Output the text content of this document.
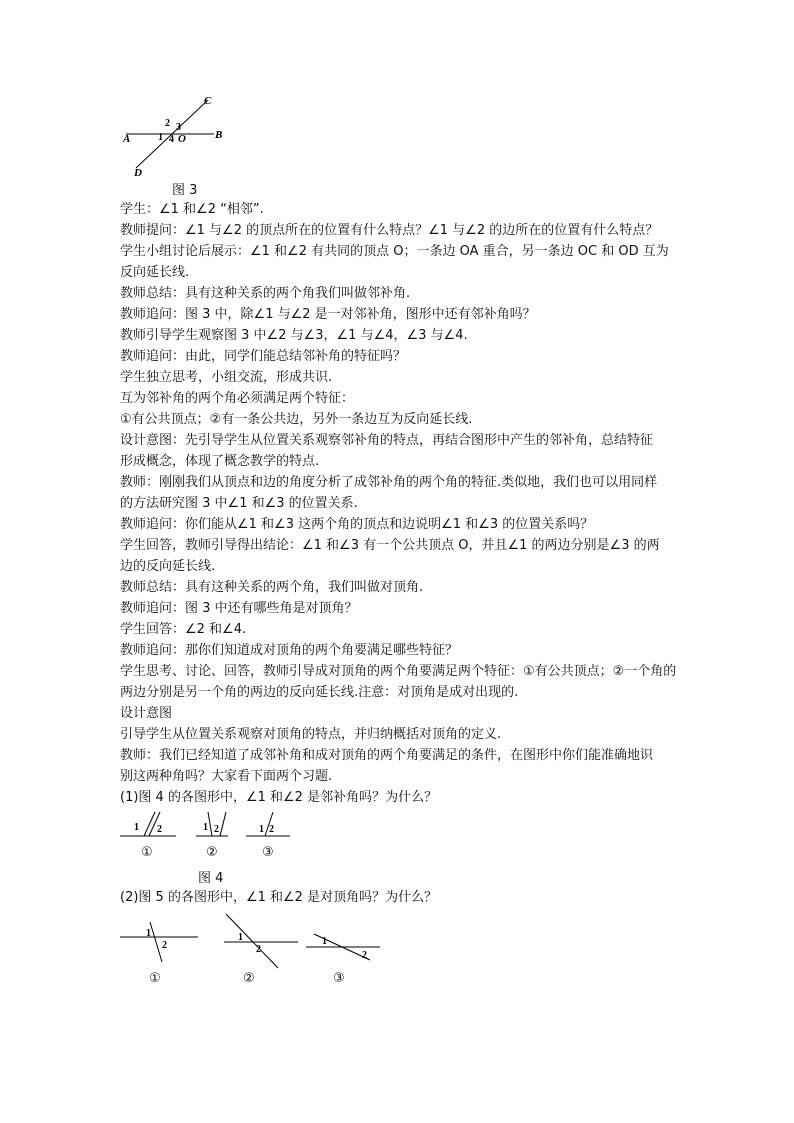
C
A	B
D
2 3
1 4 O
图 3
学生：∠1 和∠2 “相邻”.
教师提问：∠1 与∠2 的顶点所在的位置有什么特点？∠1 与∠2 的边所在的位置有什么特点？
学生小组讨论后展示：∠1 和∠2 有共同的顶点 O；一条边 OA 重合，另一条边 OC 和 OD 互为
反向延长线.
教师总结：具有这种关系的两个角我们叫做邻补角.
教师追问：图 3 中，除∠1 与∠2 是一对邻补角，图形中还有邻补角吗？
教师引导学生观察图 3 中∠2 与∠3，∠1 与∠4，∠3 与∠4.
教师追问：由此，同学们能总结邻补角的特征吗？
学生独立思考，小组交流，形成共识.
互为邻补角的两个角必须满足两个特征：
①有公共顶点；②有一条公共边，另外一条边互为反向延长线.
设计意图：先引导学生从位置关系观察邻补角的特点，再结合图形中产生的邻补角，总结特征
形成概念，体现了概念教学的特点.
教师：刚刚我们从顶点和边的角度分析了成邻补角的两个角的特征.类似地，我们也可以用同样
的方法研究图 3 中∠1 和∠3 的位置关系.
教师追问：你们能从∠1 和∠3 这两个角的顶点和边说明∠1 和∠3 的位置关系吗？
学生回答，教师引导得出结论：∠1 和∠3 有一个公共顶点 O，并且∠1 的两边分别是∠3 的两
边的反向延长线.
教师总结：具有这种关系的两个角，我们叫做对顶角.
教师追问：图 3 中还有哪些角是对顶角？
学生回答：∠2 和∠4.
教师追问：那你们知道成对顶角的两个角要满足哪些特征？
学生思考、讨论、回答，教师引导成对顶角的两个角要满足两个特征：①有公共顶点；②一个角的
两边分别是另一个角的两边的反向延长线.注意：对顶角是成对出现的.
设计意图
引导学生从位置关系观察对顶角的特点，并归纳概括对顶角的定义.
教师：我们已经知道了成邻补角和成对顶角的两个角要满足的条件，在图形中你们能准确地识
别这两种角吗？大家看下面两个习题.
(1)图 4 的各图形中，∠1 和∠2 是邻补角吗？为什么？
1 2	1 2	1 2
①	②	③
图 4
(2)图 5 的各图形中，∠1 和∠2 是对顶角吗？为什么？
1
2
1
2
1
2
①	②	③
